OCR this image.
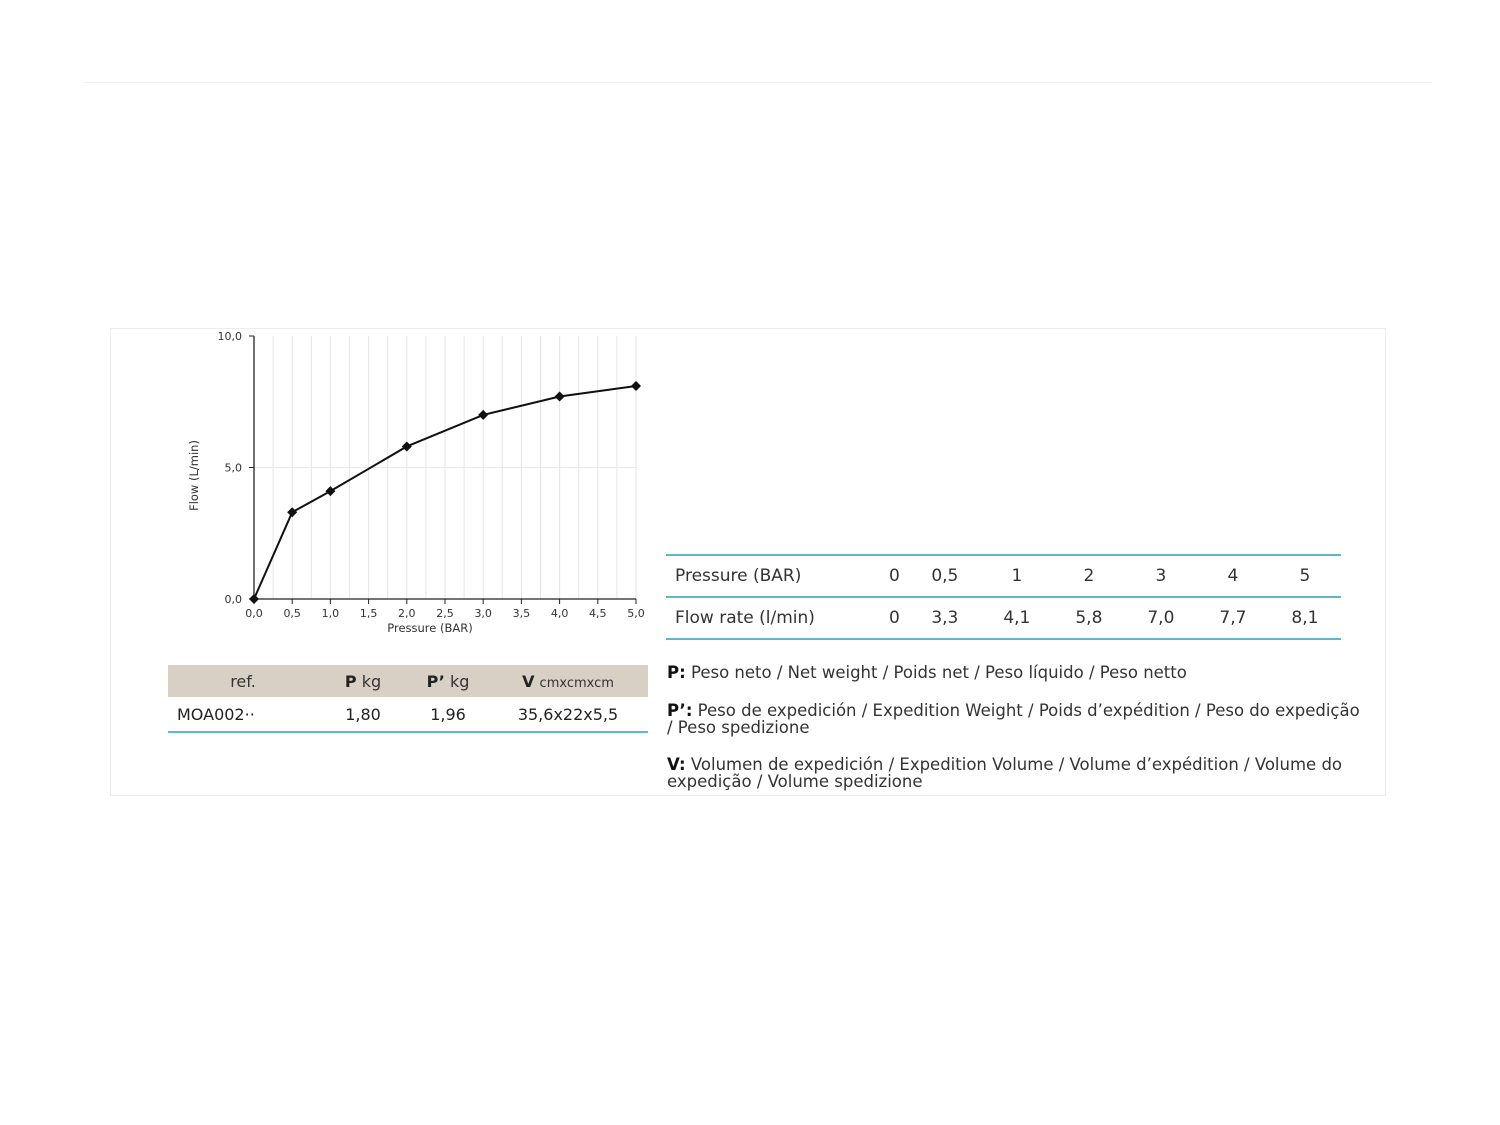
0,0 0,5 1,0 1,5 2,0 2,5 3,0 3,5 4,0 4,5 5,0
0,0
5,0
10,0
Pressure (BAR)
Flow (L/min)
ref.	P kg	P’ kg	V cmxcmxcm
MOA002··	1,80	1,96	35,6x22x5,5
Pressure (BAR)	0	0,5	1	2	3	4	5
Flow rate (l/min)	0	3,3	4,1	5,8	7,0	7,7	8,1
P: Peso neto / Net weight / Poids net / Peso líquido / Peso netto
P’: Peso de expedición / Expedition Weight / Poids d’expédition / Peso do expedição / Peso spedizione
V: Volumen de expedición / Expedition Volume / Volume d’expédition / Volume do expedição / Volume spedizione
